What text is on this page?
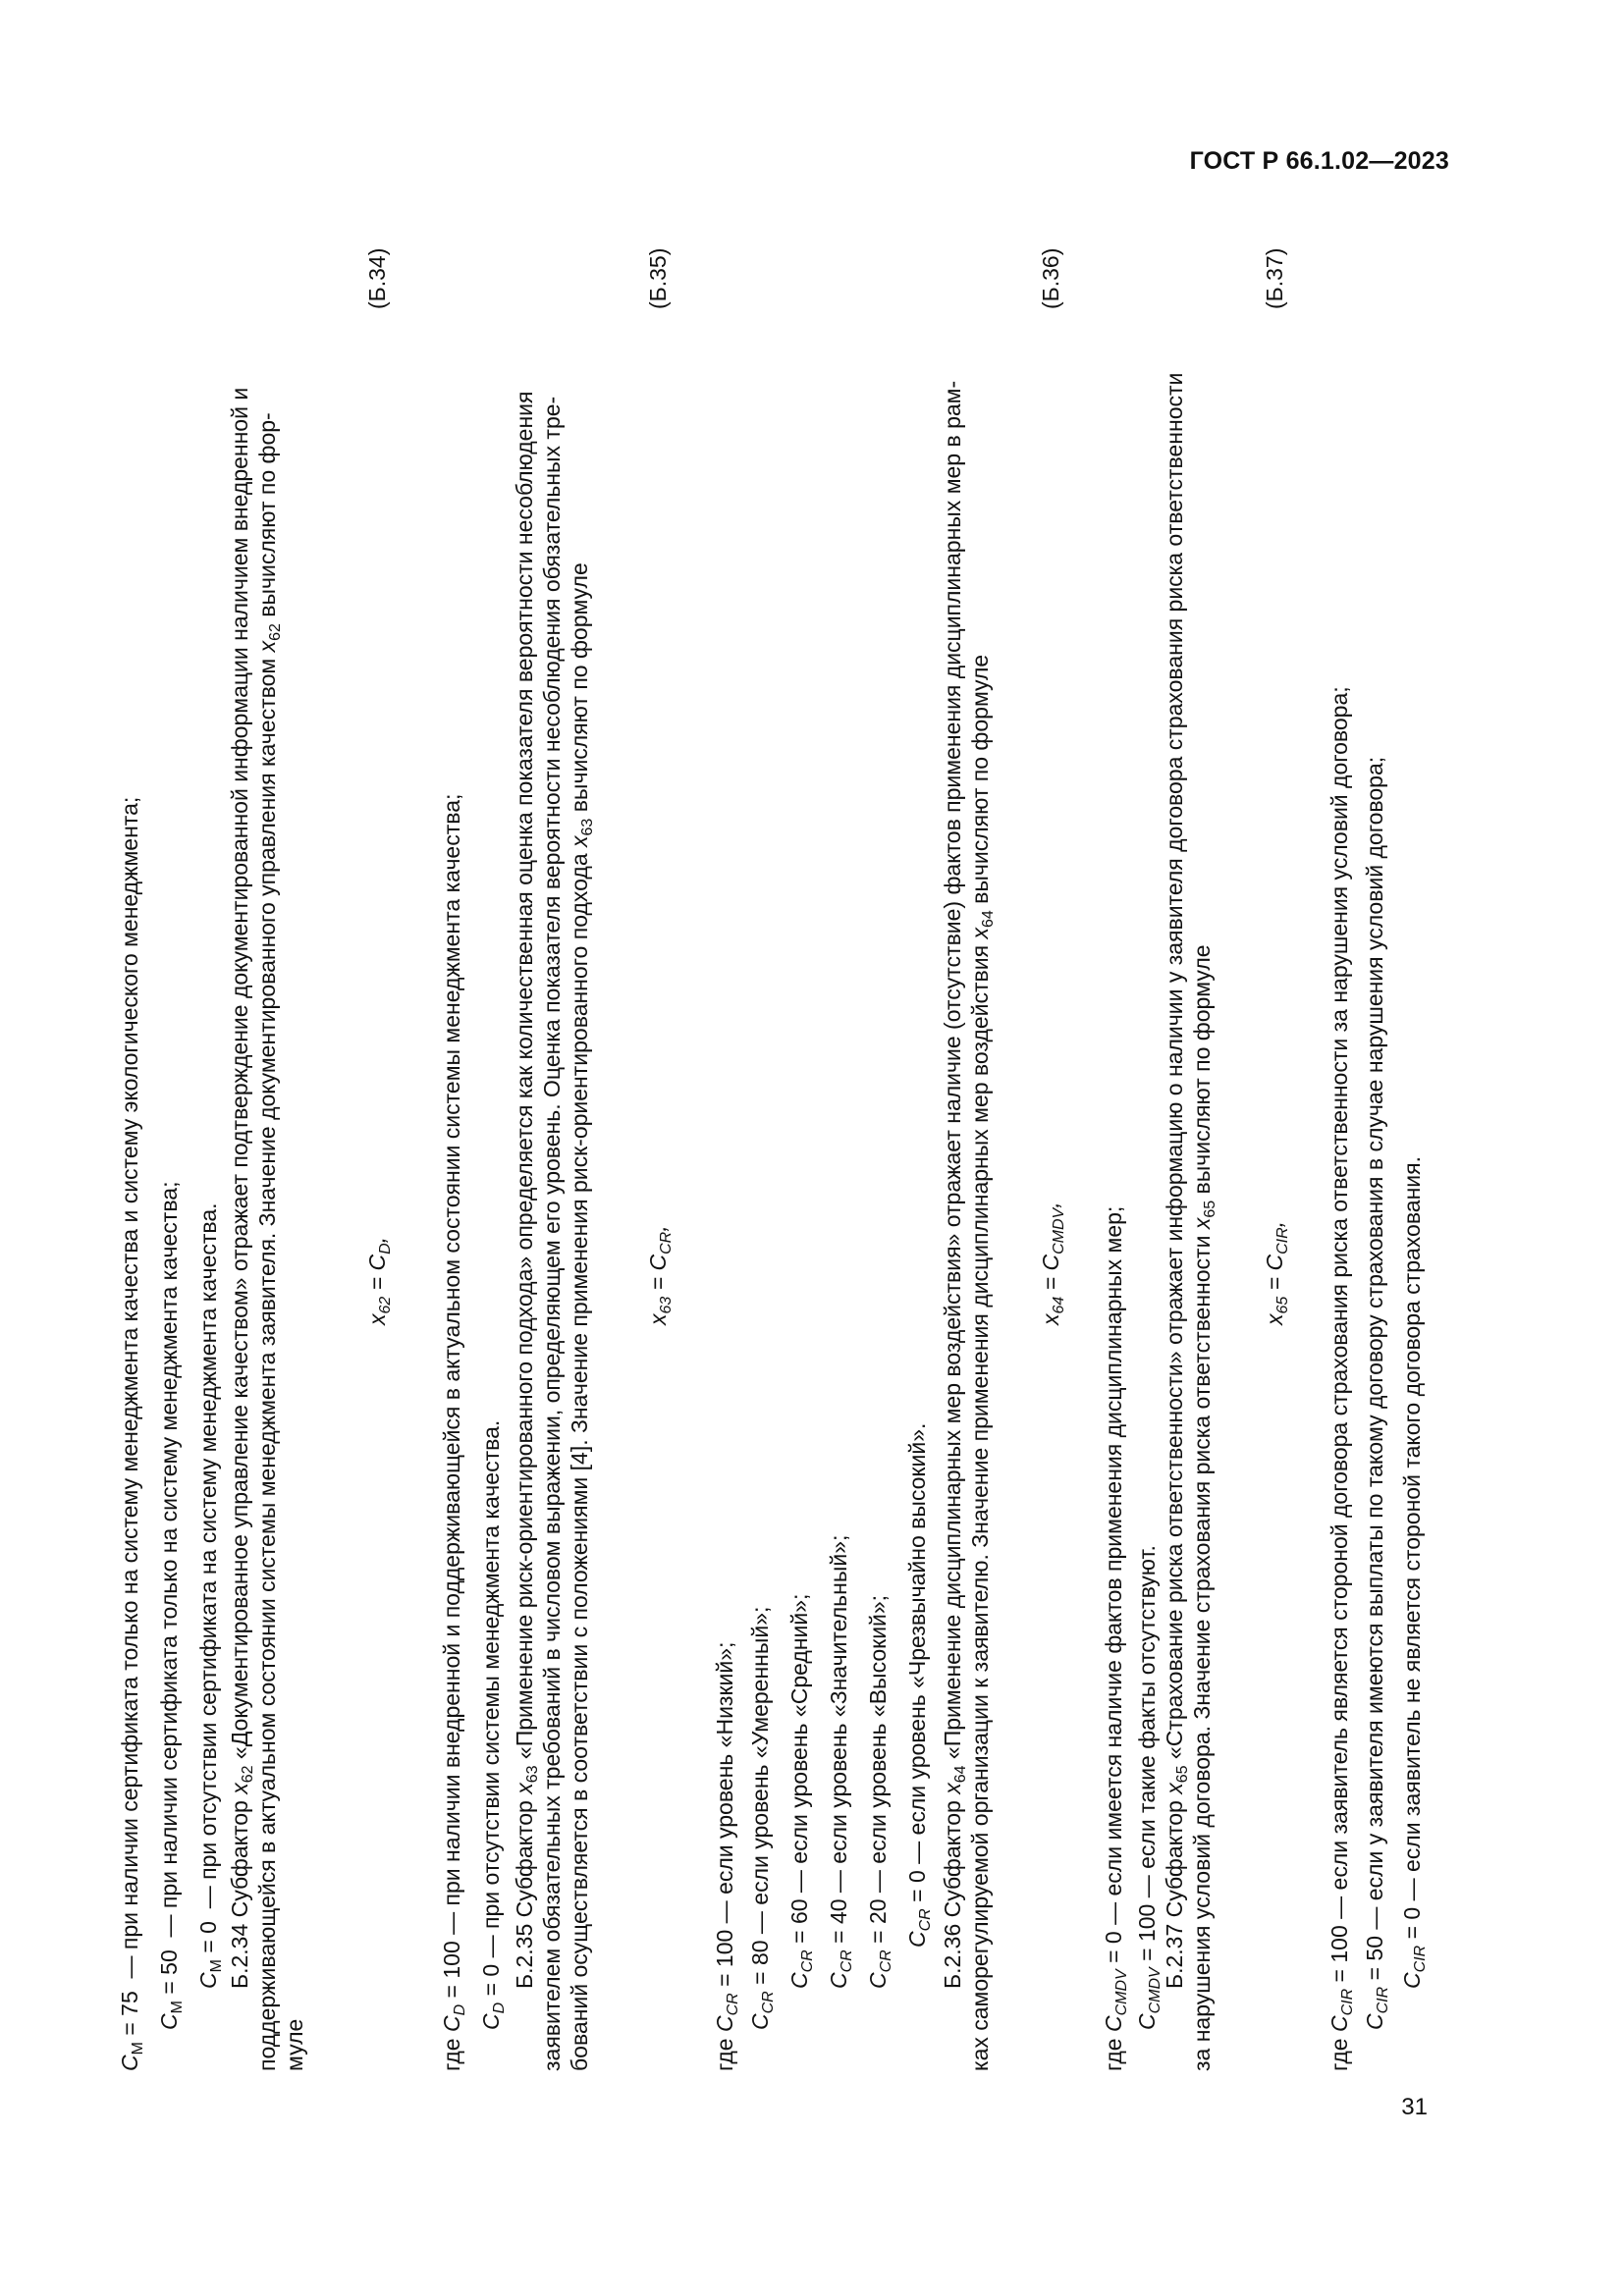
ГОСТ Р 66.1.02—2023
$C_M = 75$  — при наличии сертификата только на систему менеджмента качества и систему экологического менеджмента;
$C_M = 50$  — при наличии сертификата только на систему менеджмента качества;
$C_M = 0$  — при отсутствии сертификата на систему менеджмента качества. Б.2.34 Субфактор $x_{62}$ «Документированное управление качеством» отражает подтверждение документированной информации наличием внедренной и поддерживающейся в актуальном состоянии системы менеджмента заявителя. Значение документированного управления качеством $x_{62}$ вычисляют по фор-
муле
$x_{62} = C_D$,
(Б.34)
где $C_D = 100$ — при наличии внедренной и поддерживающейся в актуальном состоянии системы менеджмента качества;
$C_D = 0$ — при отсутствии системы менеджмента качества. Б.2.35 Субфактор $x_{63}$ «Применение риск-ориентированного подхода» определяется как количественная оценка показателя вероятности несоблюдения заявителем обязательных требований в числовом выражении, определяющем его уровень. Оценка показателя вероятности несоблюдения обязательных тре- бований осуществляется в соответствии с положениями [4]. Значение применения риск-ориентированного подхода $x_{63}$ вычисляют по формуле
$x_{63} = C_{CR}$,
(Б.35)
где $C_{CR} = 100$ — если уровень «Низкий»;
$C_{CR} = 80$ — если уровень «Умеренный»;
$C_{CR} = 60$ — если уровень «Средний»;
$C_{CR} = 40$ — если уровень «Значительный»;
$C_{CR} = 20$ — если уровень «Высокий»;
$C_{CR} = 0$ — если уровень «Чрезвычайно высокий».
Б.2.36 Субфактор $x_{64}$ «Применение дисциплинарных мер воздействия» отражает наличие (отсутствие) фактов применения дисциплинарных мер в рам- ках саморегулируемой организации к заявителю. Значение применения дисциплинарных мер воздействия $x_{64}$ вычисляют по формуле
$x_{64} = C_{CMDV}$,
(Б.36)
где $C_{CMDV} = 0$ — если имеется наличие фактов применения дисциплинарных мер;
$C_{CMDV} = 100$ — если такие факты отсутствуют. Б.2.37 Субфактор $x_{65}$ «Страхование риска ответственности» отражает информацию о наличии у заявителя договора страхования риска ответственности за нарушения условий договора. Значение страхования риска ответственности $x_{65}$ вычисляют по формуле
$x_{65} = C_{CIR}$,
(Б.37)
где $C_{CIR} = 100$ — если заявитель является стороной договора страхования риска ответственности за нарушения условий договора;
$C_{CIR} = 50$ — если у заявителя имеются выплаты по такому договору страхования в случае нарушения условий договора;
$C_{CIR} = 0$ — если заявитель не является стороной такого договора страхования.
31
